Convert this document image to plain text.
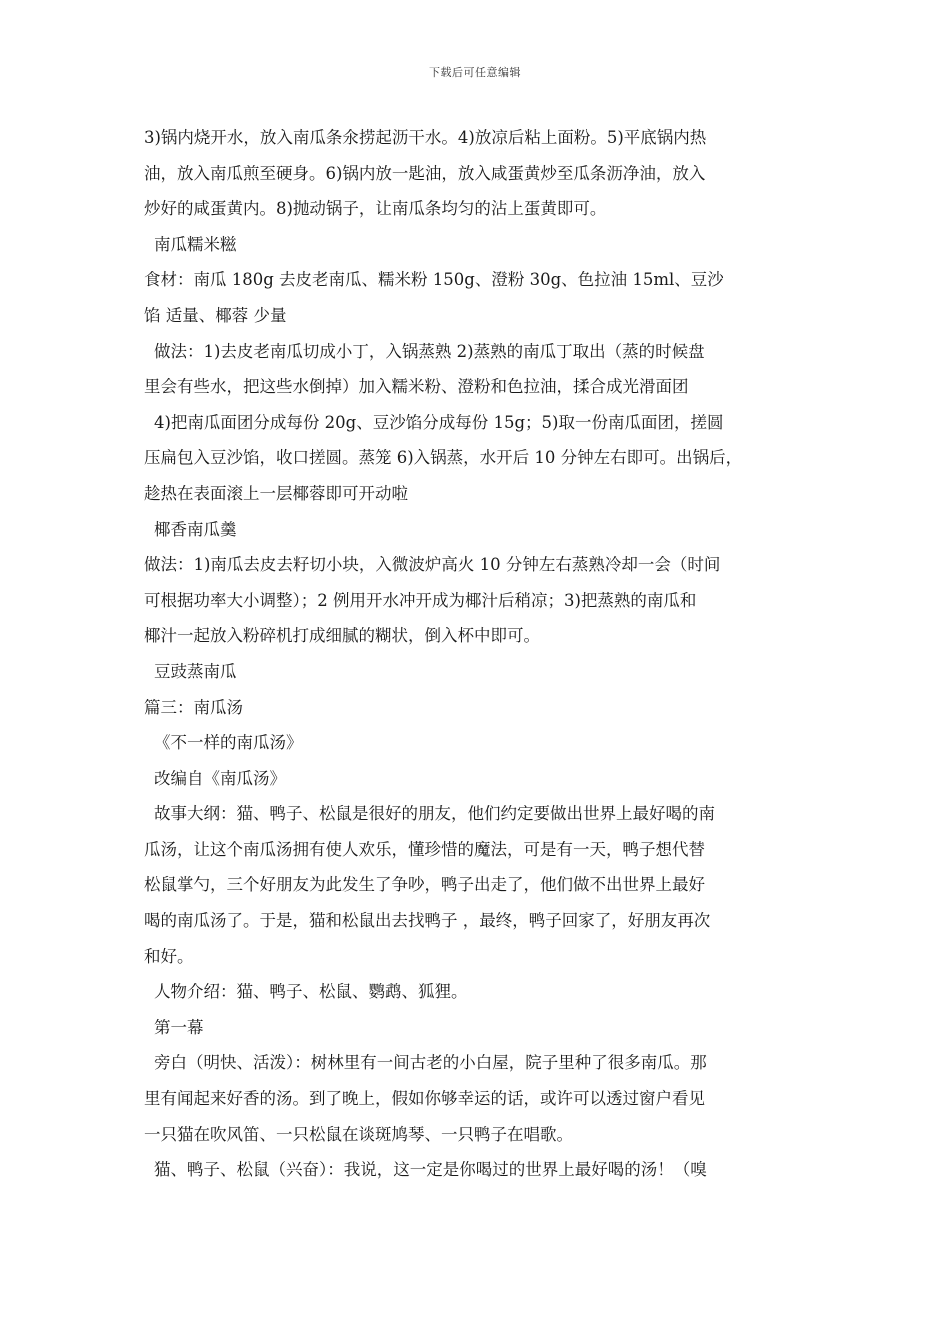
下载后可任意编辑
3)锅内烧开水，放入南瓜条氽捞起沥干水。4)放凉后粘上面粉。5)平底锅内热
油，放入南瓜煎至硬身。6)锅内放一匙油，放入咸蛋黄炒至瓜条沥净油，放入
炒好的咸蛋黄内。8)抛动锅子，让南瓜条均匀的沾上蛋黄即可。
南瓜糯米糍
食材：南瓜 180g 去皮老南瓜、糯米粉 150g、澄粉 30g、色拉油 15ml、豆沙
馅 适量、椰蓉 少量
做法：1)去皮老南瓜切成小丁，入锅蒸熟 2)蒸熟的南瓜丁取出（蒸的时候盘
里会有些水，把这些水倒掉）加入糯米粉、澄粉和色拉油，揉合成光滑面团
4)把南瓜面团分成每份 20g、豆沙馅分成每份 15g；5)取一份南瓜面团，搓圆
压扁包入豆沙馅，收口搓圆。蒸笼 6)入锅蒸，水开后 10 分钟左右即可。出锅后，
趁热在表面滚上一层椰蓉即可开动啦
椰香南瓜羹
做法：1)南瓜去皮去籽切小块，入微波炉高火 10 分钟左右蒸熟冷却一会（时间
可根据功率大小调整）；2 例用开水冲开成为椰汁后稍凉；3)把蒸熟的南瓜和
椰汁一起放入粉碎机打成细腻的糊状，倒入杯中即可。
豆豉蒸南瓜
篇三：南瓜汤
《不一样的南瓜汤》
改编自《南瓜汤》
故事大纲：猫、鸭子、松鼠是很好的朋友，他们约定要做出世界上最好喝的南
瓜汤，让这个南瓜汤拥有使人欢乐，懂珍惜的魔法，可是有一天，鸭子想代替
松鼠掌勺，三个好朋友为此发生了争吵，鸭子出走了，他们做不出世界上最好
喝的南瓜汤了。于是，猫和松鼠出去找鸭子 ，最终，鸭子回家了，好朋友再次
和好。
人物介绍：猫、鸭子、松鼠、鹦鹉、狐狸。
第一幕
旁白（明快、活泼）：树林里有一间古老的小白屋，院子里种了很多南瓜。那
里有闻起来好香的汤。到了晚上，假如你够幸运的话，或许可以透过窗户看见
一只猫在吹风笛、一只松鼠在谈斑鸠琴、一只鸭子在唱歌。
猫、鸭子、松鼠（兴奋）：我说，这一定是你喝过的世界上最好喝的汤！（嗅
